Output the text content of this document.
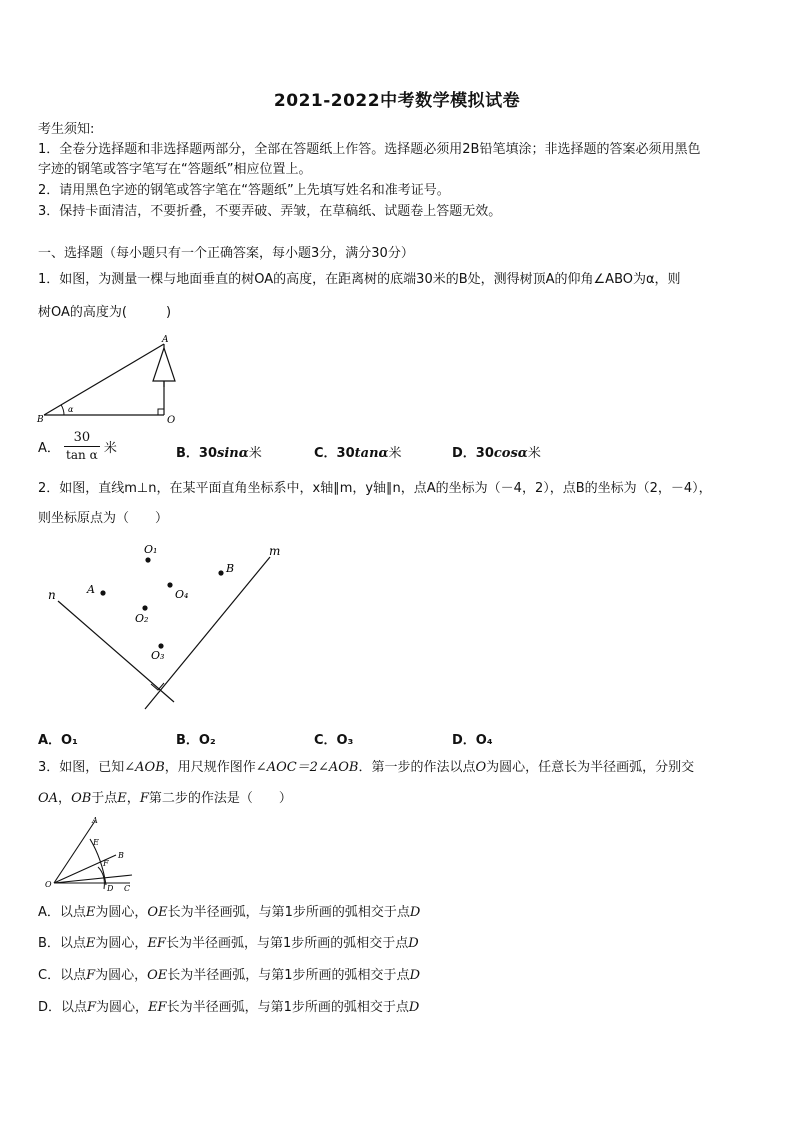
2021-2022中考数学模拟试卷
考生须知:
1．全卷分选择题和非选择题两部分，全部在答题纸上作答。选择题必须用2B铅笔填涂；非选择题的答案必须用黑色
字迹的钢笔或答字笔写在“答题纸”相应位置上。
2．请用黑色字迹的钢笔或答字笔在“答题纸”上先填写姓名和准考证号。
3．保持卡面清洁，不要折叠，不要弄破、弄皱，在草稿纸、试题卷上答题无效。
一、选择题（每小题只有一个正确答案，每小题3分，满分30分）
1．如图，为测量一棵与地面垂直的树OA的高度，在距离树的底端30米的B处，测得树顶A的仰角∠ABO为α，则
树OA的高度为(　　　)
A
B	O
α
A． $\frac{30}{\text{tan α}}$ 米	B．30sinα米	C．30tanα米	D．30cosα米
2．如图，直线m⊥n，在某平面直角坐标系中，x轴∥m，y轴∥n，点A的坐标为（－4，2），点B的坐标为（2，－4），
则坐标原点为（　　）
n
m
A
B
O₁
O₂
O₃
O₄
A．O₁	B．O₂	C．O₃	D．O₄
3．如图，已知∠AOB，用尺规作图作∠AOC＝2∠AOB．第一步的作法以点O为圆心，任意长为半径画弧，分别交
OA，OB于点E，F第二步的作法是（　　）
A
E
B
F
O	D C
A．以点E为圆心，OE长为半径画弧，与第1步所画的弧相交于点D
B．以点E为圆心，EF长为半径画弧，与第1步所画的弧相交于点D
C．以点F为圆心，OE长为半径画弧，与第1步所画的弧相交于点D
D．以点F为圆心，EF长为半径画弧，与第1步所画的弧相交于点D
